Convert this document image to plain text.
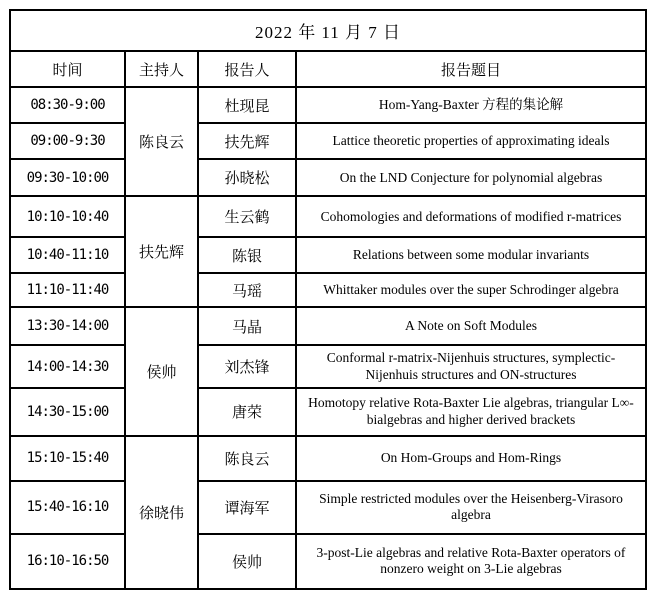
2022 年 11 月 7 日			
时间	主持人	报告人	报告题目
08:30-9:00	陈良云	杜现昆	Hom-Yang-Baxter 方程的集论解
09:00-9:30		扶先辉	Lattice theoretic properties of approximating ideals
09:30-10:00		孙晓松	On the LND Conjecture for polynomial algebras
10:10-10:40	扶先辉	生云鹤	Cohomologies and deformations of modified r-matrices
10:40-11:10		陈银	Relations between some modular invariants
11:10-11:40		马瑶	Whittaker modules over the super Schrodinger algebra
13:30-14:00	侯帅	马晶	A Note on Soft Modules
14:00-14:30		刘杰锋	Conformal r-matrix-Nijenhuis structures, symplectic-Nijenhuis structures and ON-structures
14:30-15:00		唐荣	Homotopy relative Rota-Baxter Lie algebras, triangular L∞-bialgebras and higher derived brackets
15:10-15:40	徐晓伟	陈良云	On Hom-Groups and Hom-Rings
15:40-16:10		谭海军	Simple restricted modules over the Heisenberg-Virasoro algebra
16:10-16:50		侯帅	3-post-Lie algebras and relative Rota-Baxter operators of nonzero weight on 3-Lie algebras
